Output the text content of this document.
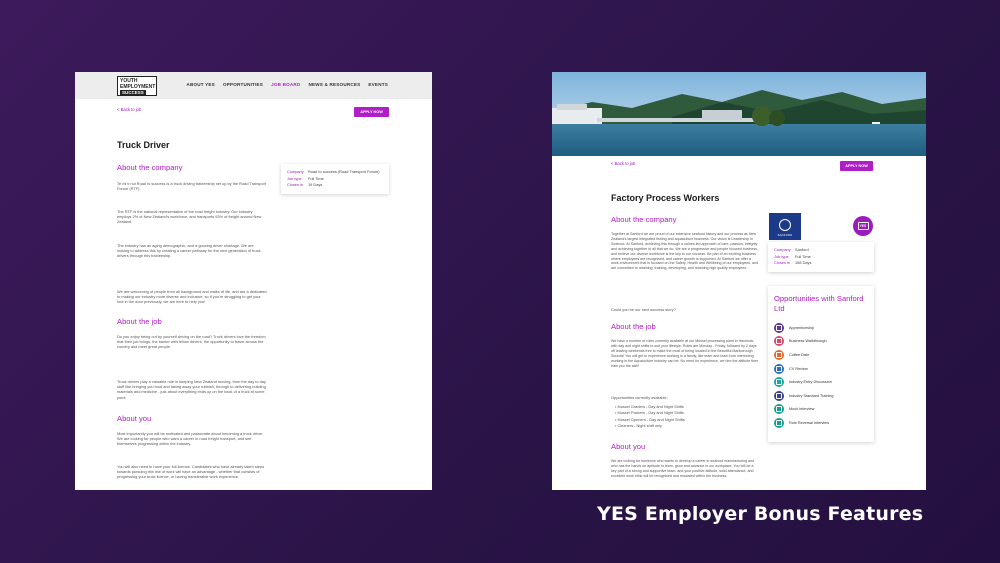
YOUTH
EMPLOYMENT
SUCCESS
ABOUT YES OPPORTUNITIES JOB BOARD NEWS & RESOURCES EVENTS
< Back to job	APPLY NOW
Truck Driver
Company	Road to success (Road Transport Forum)
Job type	Full Time
Closes in	19 Days
About the company
Te mi ti nui Road to success is a truck driving traineeship set up by the Road Transport Forum (RTF).
The RTF is the national representative of the road freight industry. Our industry employs 2% of New Zealand's workforce, and transports 93% of freight around New Zealand.
The industry has an aging demographic, and a growing driver shortage. We are looking to address this by creating a career pathway for the next generation of truck drivers through this traineeship.
We are welcoming of people from all background and walks of life, and are a dedicated to making our industry more diverse and inclusive, so if you're struggling to get your foot in the door previously, we are here to help you!
About the job
Do you enjoy being out by yourself driving on the road? Truck drivers love the freedom that their job brings, the banter with fellow drivers, the opportunity to travel across the country and meet great people.
Truck drivers play a valuable role in keeping New Zealand moving, from the day to day stuff like bringing you food and taking away your rubbish, through to delivering building materials and medicine - just about everything ends up on the back of a truck at some point.
About you
Most importantly you will be motivated and passionate about becoming a truck driver. We are looking for people who want a career in road freight transport, and see themselves progressing within the industry.
You will also need to have your full licence. Candidates who have already taken steps towards pursuing this line of work will have an advantage - whether that consists of progressing your truck licence, or having transferable work experience.
< Back to job	APPLY NOW
Factory Process Workers
SANFORD
YES
Company	Sanford
Job type	Full Time
Closes in	158 Days
Opportunities with Sanford Ltd
Apprenticeship
Business Walkthrough
Coffee Date
CV Review
Industry Entry Discussion
Industry Standard Training
Mock Interview
Role Reversal Interview
About the company
Together at Sanford we are proud of our extensive seafood history and our process as New Zealand's largest integrated fishing and aquaculture business. Our vision is Leadership in Seafood. At Sanford, achieving this through a values-led approach of care, passion, integrity and achieving together in all that we do. We are a progressive and people focused business, and believe our diverse workforce is the key to our success. Be part of an exciting business where employees are recognised, and career growth is supported. At Sanford we offer a work environment that is focused on the Safety, Health and Wellbeing of our employees, and are committed to retaining, training, developing, and retaining high quality employees.
Could you be our next success story?
About the job
We have a number of roles currently available at our Mussel processing plant in Havelock, with day and night shifts to suit your lifestyle. Roles are Monday - Friday, followed by 2 days off leaving weekends free to make the most of being located in the Beautiful Marlborough Sounds! You will get to experience working in a family, like team and learn how interesting working in the Aquaculture industry can be. No need for experience, we hire the attitude then train you the skill!
Opportunities currently available:
• Mussel Graders - Day and Night Shifts
• Mussel Packers - Day and Night Shifts
• Mussel Openers - Day and Night Shifts
• Cleaners - Night shift only
About you
We are looking for someone who wants to develop a career in seafood manufacturing and who has the hands on aptitude to learn, grow and advance in our workplace. You will be a key part of a strong and supportive team, and your positive attitude, solid attendance, and excellent work ethic will be recognised and rewarded within the business.
YES Employer Bonus Features
